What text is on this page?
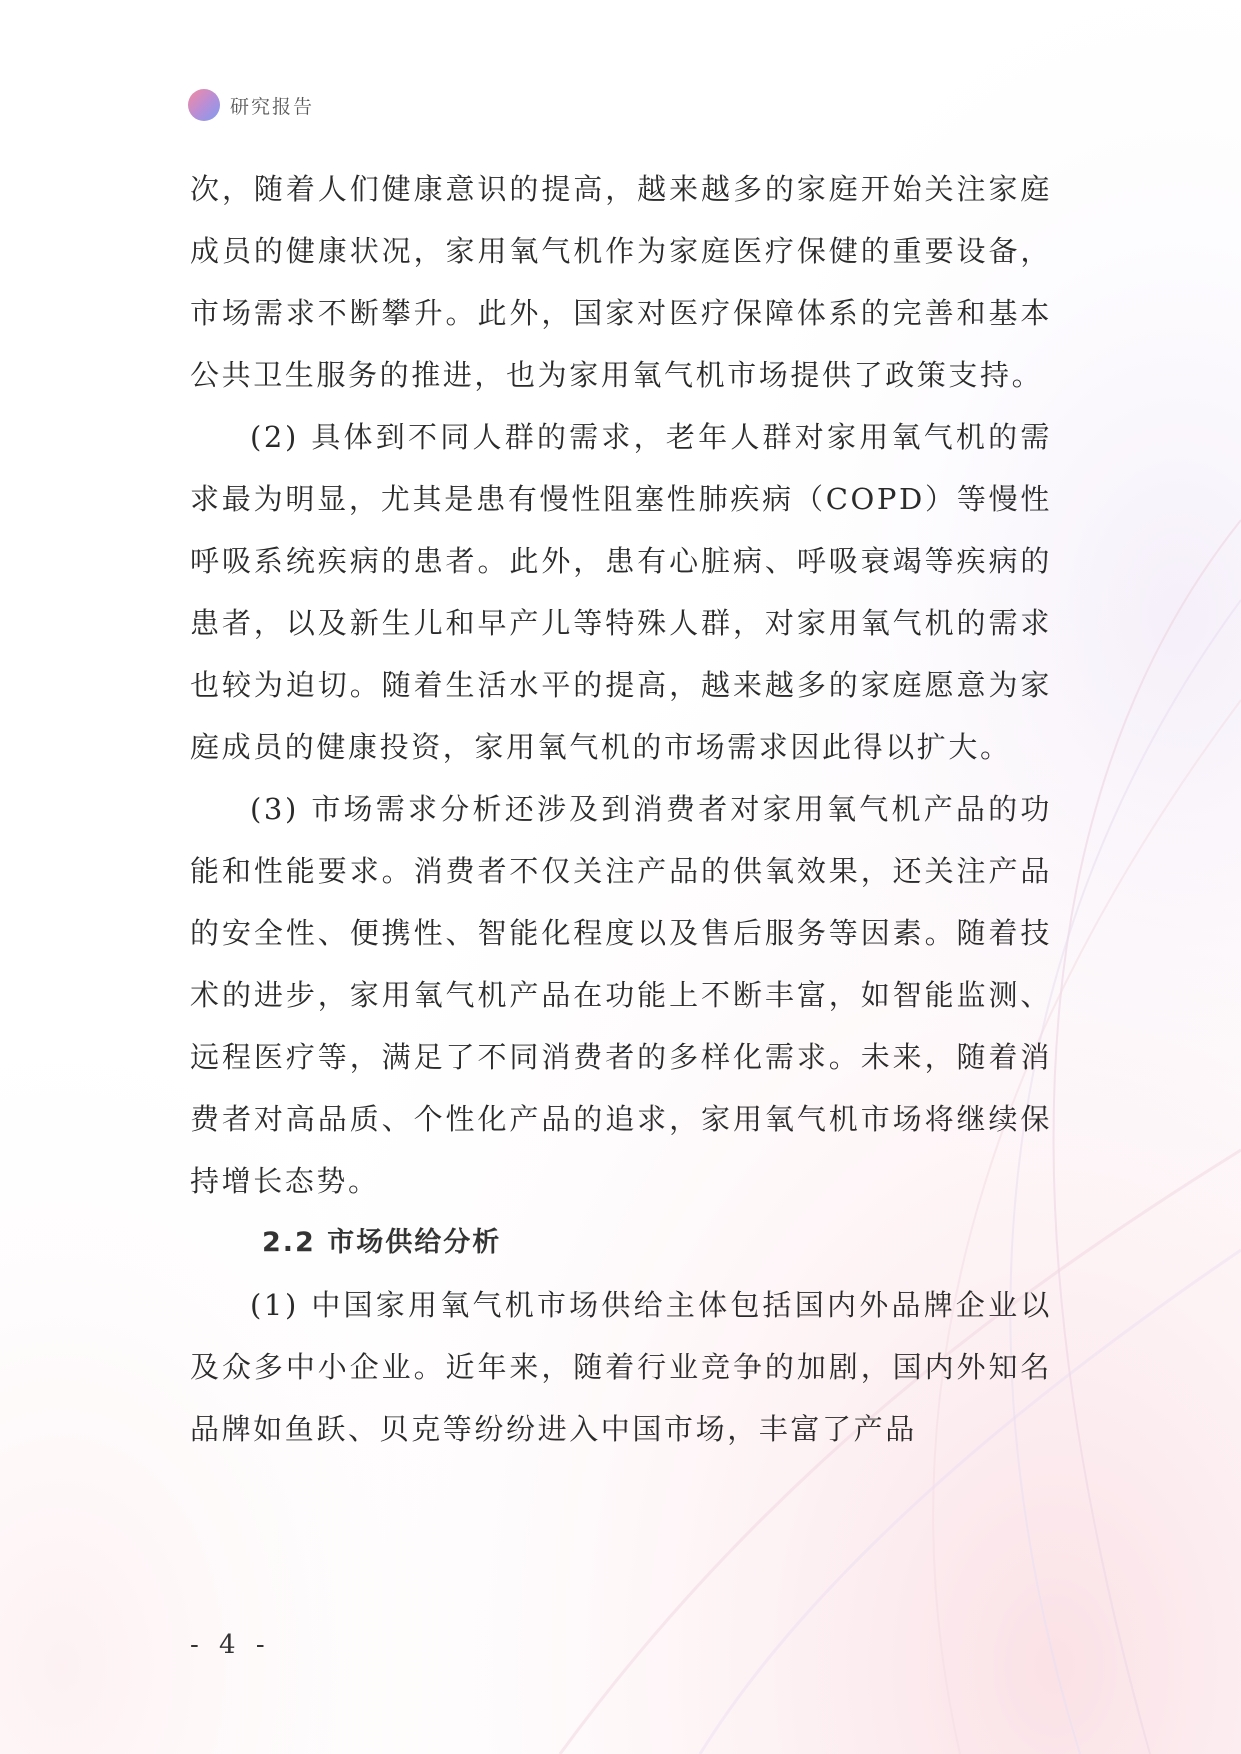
研究报告

次，随着人们健康意识的提高，越来越多的家庭开始关注家庭成员的健康状况，家用氧气机作为家庭医疗保健的重要设备，市场需求不断攀升。此外，国家对医疗保障体系的完善和基本公共卫生服务的推进，也为家用氧气机市场提供了政策支持。

(2) 具体到不同人群的需求，老年人群对家用氧气机的需求最为明显，尤其是患有慢性阻塞性肺疾病（COPD）等慢性呼吸系统疾病的患者。此外，患有心脏病、呼吸衰竭等疾病的患者，以及新生儿和早产儿等特殊人群，对家用氧气机的需求也较为迫切。随着生活水平的提高，越来越多的家庭愿意为家庭成员的健康投资，家用氧气机的市场需求因此得以扩大。

(3) 市场需求分析还涉及到消费者对家用氧气机产品的功能和性能要求。消费者不仅关注产品的供氧效果，还关注产品的安全性、便携性、智能化程度以及售后服务等因素。随着技术的进步，家用氧气机产品在功能上不断丰富，如智能监测、远程医疗等，满足了不同消费者的多样化需求。未来，随着消费者对高品质、个性化产品的追求，家用氧气机市场将继续保持增长态势。

2.2 市场供给分析

(1) 中国家用氧气机市场供给主体包括国内外品牌企业以及众多中小企业。近年来，随着行业竞争的加剧，国内外知名品牌如鱼跃、贝克等纷纷进入中国市场，丰富了产品

- 4 -
